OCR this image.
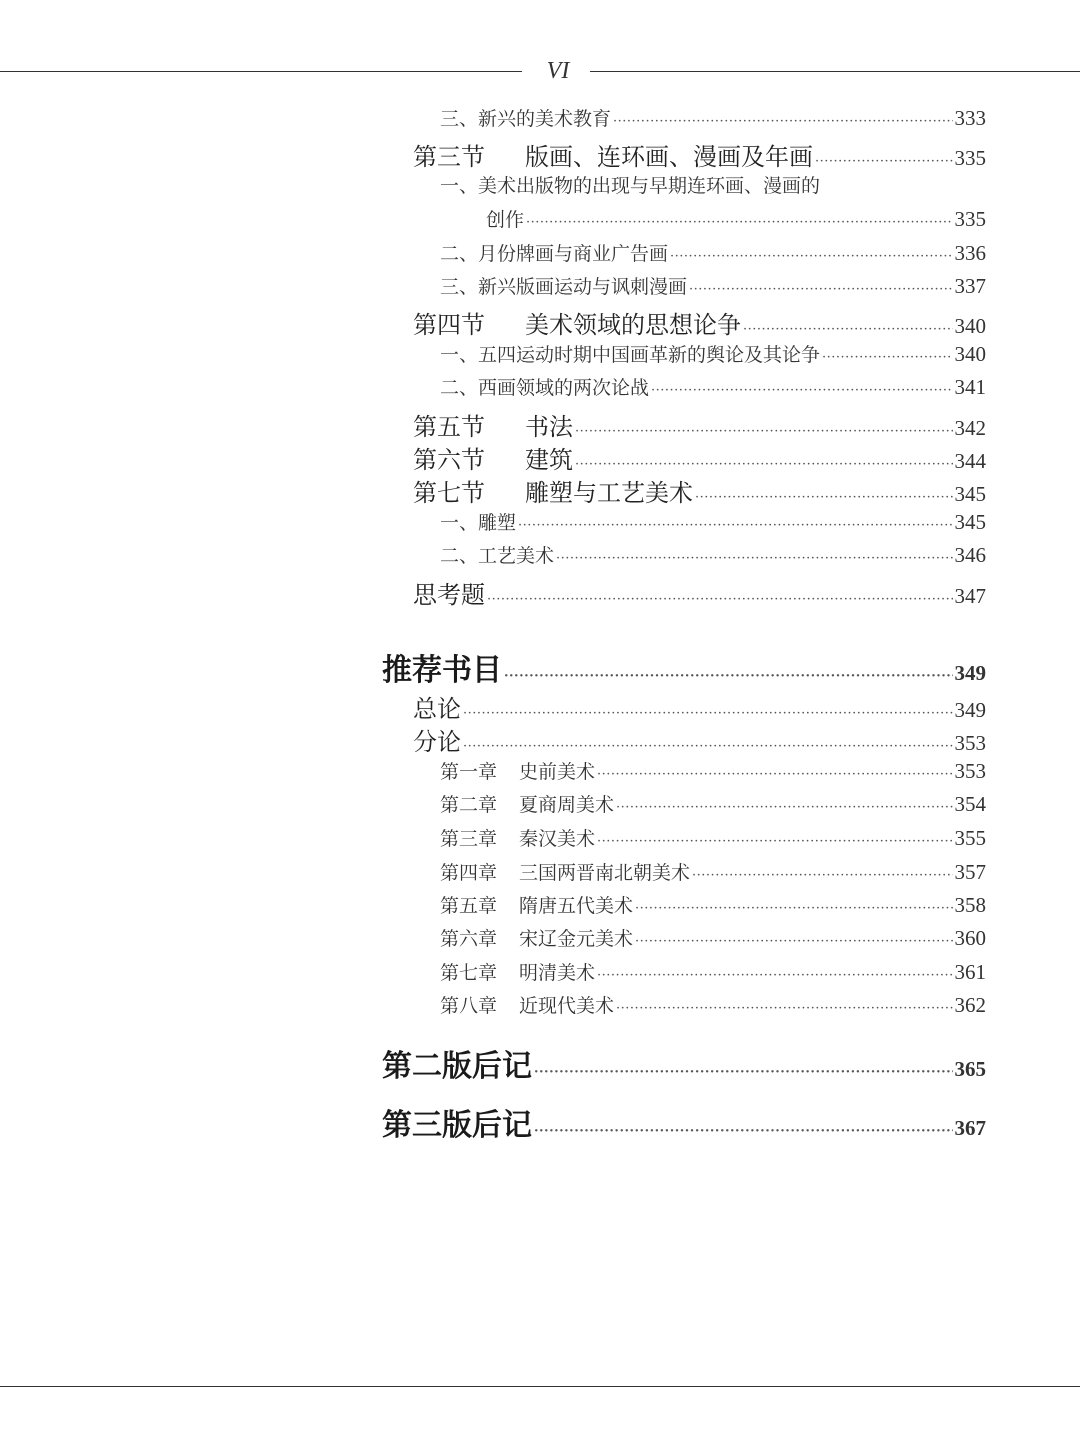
VI
三、新兴的美术教育 ·····	333
第三节 版画、连环画、漫画及年画 ·····	335
一、美术出版物的出现与早期连环画、漫画的
创作 ·····	335
二、月份牌画与商业广告画 ·····	336
三、新兴版画运动与讽刺漫画 ·····	337
第四节 美术领域的思想论争 ·····	340
一、五四运动时期中国画革新的舆论及其论争 ·····	340
二、西画领域的两次论战 ·····	341
第五节 书法 ·····	342
第六节 建筑 ·····	344
第七节 雕塑与工艺美术 ·····	345
一、雕塑 ·····	345
二、工艺美术 ·····	346
思考题 ·····	347
推荐书目 ·····	349
总论 ·····	349
分论 ·····	353
第一章 史前美术 ·····	353
第二章 夏商周美术 ·····	354
第三章 秦汉美术 ·····	355
第四章 三国两晋南北朝美术 ·····	357
第五章 隋唐五代美术 ·····	358
第六章 宋辽金元美术 ·····	360
第七章 明清美术 ·····	361
第八章 近现代美术 ·····	362
第二版后记 ·····	365
第三版后记 ·····	367
